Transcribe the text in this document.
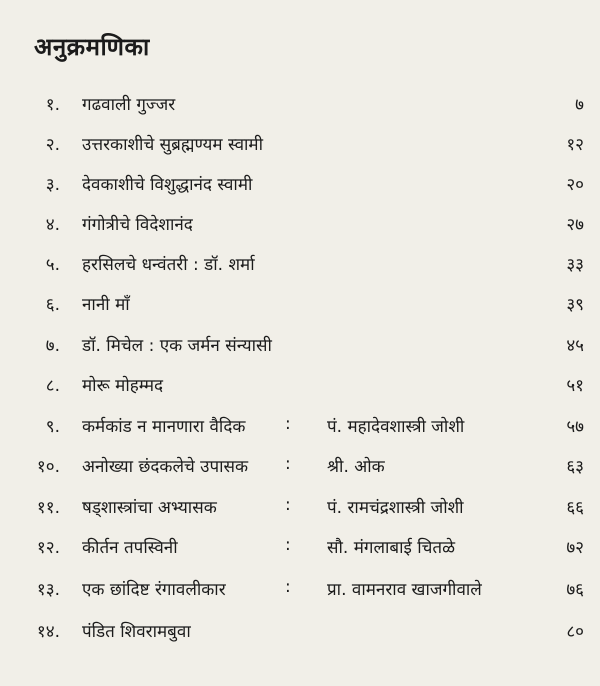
अनुक्रमणिका
१. गढवाली गुज्जर	७
२. उत्तरकाशीचे सुब्रह्मण्यम स्वामी	१२
३. देवकाशीचे विशुद्धानंद स्वामी	२०
४. गंगोत्रीचे विदेशानंद	२७
५. हरसिलचे धन्वंतरी : डॉ. शर्मा	३३
६. नानी माँ	३९
७. डॉ. मिचेल : एक जर्मन संन्यासी	४५
८. मोरू मोहम्मद	५१
९. कर्मकांड न मानणारा वैदिक : पं. महादेवशास्त्री जोशी	५७
१०. अनोख्या छंदकलेचे उपासक : श्री. ओक	६३
११. षड्शास्त्रांचा अभ्यासक	: पं. रामचंद्रशास्त्री जोशी	६६
१२. कीर्तन तपस्विनी	: सौ. मंगलाबाई चितळे	७२
१३. एक छांदिष्ट रंगावलीकार	: प्रा. वामनराव खाजगीवाले	७६
१४. पंडित शिवरामबुवा	८०
